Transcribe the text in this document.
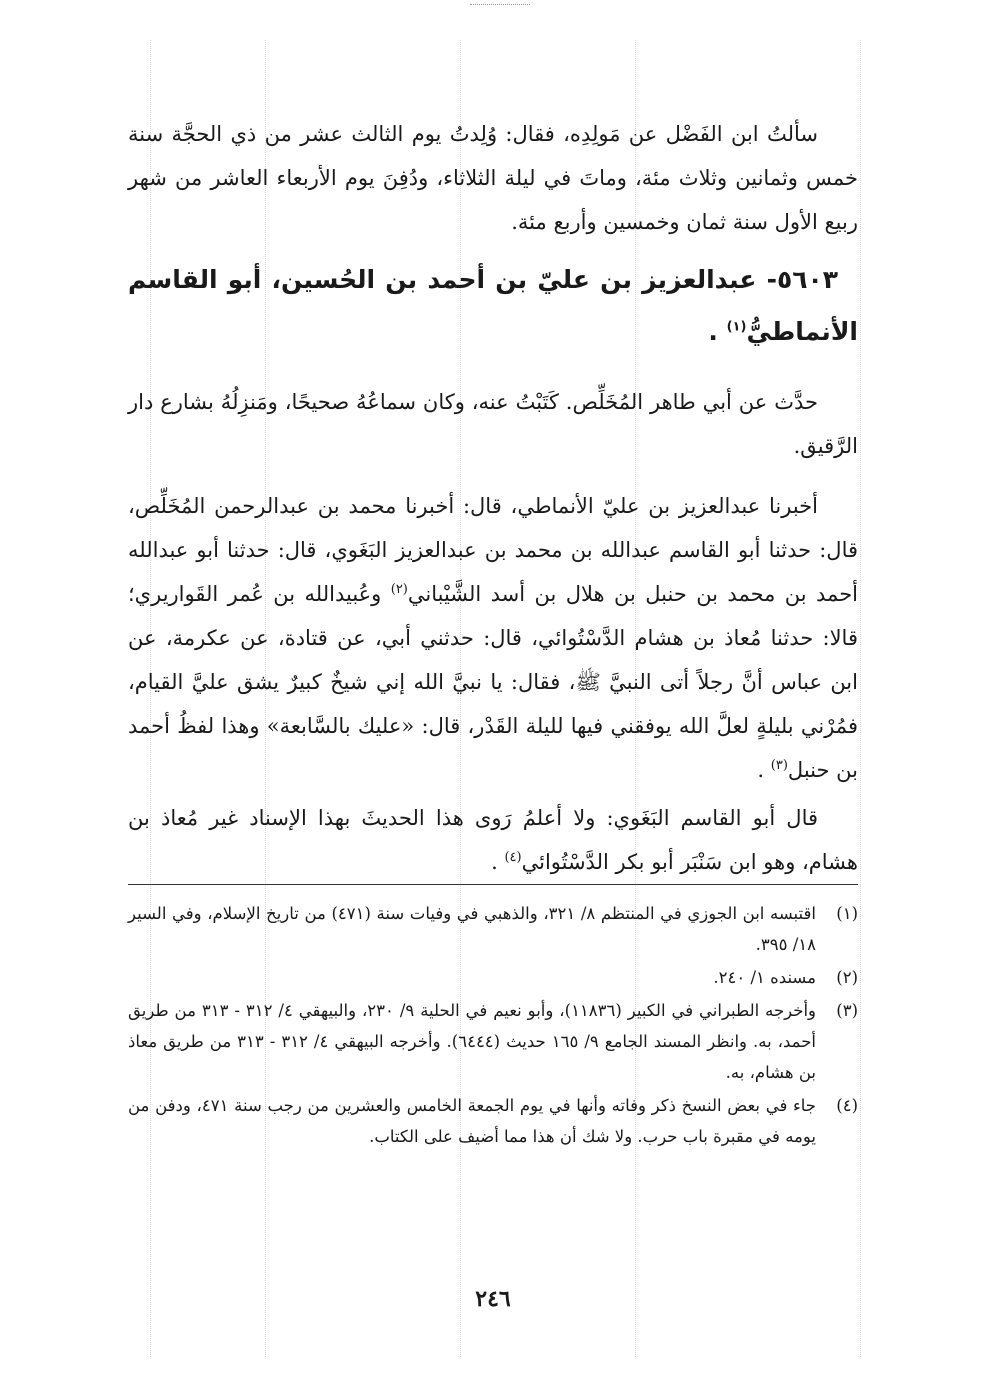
سألتُ ابن الفَضْل عن مَولِدِه، فقال: وُلِدتُ يوم الثالث عشر من ذي الحجَّة سنة خمس وثمانين وثلاث مئة، وماتَ في ليلة الثلاثاء، ودُفِنَ يوم الأربعاء العاشر من شهر ربيع الأول سنة ثمان وخمسين وأربع مئة.

٥٦٠٣- عبدالعزيز بن عليّ بن أحمد بن الحُسين، أبو القاسم الأنماطيُّ$^{(١)}$ .

حدَّث عن أبي طاهر المُخَلِّص. كَتَبْتُ عنه، وكان سماعُهُ صحيحًا، ومَنزِلُهُ بشارع دار الرَّقيق.

أخبرنا عبدالعزيز بن عليّ الأنماطي، قال: أخبرنا محمد بن عبدالرحمن المُخَلِّص، قال: حدثنا أبو القاسم عبدالله بن محمد بن عبدالعزيز البَغَوي، قال: حدثنا أبو عبدالله أحمد بن محمد بن حنبل بن هلال بن أسد الشَّيْباني$^{(٢)}$ وعُبيدالله بن عُمر القَواريري؛ قالا: حدثنا مُعاذ بن هشام الدَّسْتُوائي، قال: حدثني أبي، عن قتادة، عن عكرمة، عن ابن عباس أنَّ رجلاً أتى النبيَّ ﷺ، فقال: يا نبيَّ الله إني شيخٌ كبيرٌ يشق عليَّ القيام، فمُرْني بليلةٍ لعلَّ الله يوفقني فيها لليلة القَدْر، قال: «عليك بالسَّابعة» وهذا لفظُ أحمد بن حنبل$^{(٣)}$ .

قال أبو القاسم البَغَوي: ولا أعلمُ رَوى هذا الحديثَ بهذا الإسناد غير مُعاذ بن هشام، وهو ابن سَنْبَر أبو بكر الدَّسْتُوائي$^{(٤)}$ .

(١)
اقتبسه ابن الجوزي في المنتظم ٨/ ٣٢١، والذهبي في وفيات سنة (٤٧١) من تاريخ الإسلام، وفي السير ١٨/ ٣٩٥.
(٢)
مسنده ١/ ٢٤٠.
(٣)
وأخرجه الطبراني في الكبير (١١٨٣٦)، وأبو نعيم في الحلية ٩/ ٢٣٠، والبيهقي ٤/ ٣١٢ - ٣١٣ من طريق أحمد، به. وانظر المسند الجامع ٩/ ١٦٥ حديث (٦٤٤٤). وأخرجه البيهقي ٤/ ٣١٢ - ٣١٣ من طريق معاذ بن هشام، به.
(٤)
جاء في بعض النسخ ذكر وفاته وأنها في يوم الجمعة الخامس والعشرين من رجب سنة ٤٧١، ودفن من يومه في مقبرة باب حرب. ولا شك أن هذا مما أضيف على الكتاب.
٢٤٦
